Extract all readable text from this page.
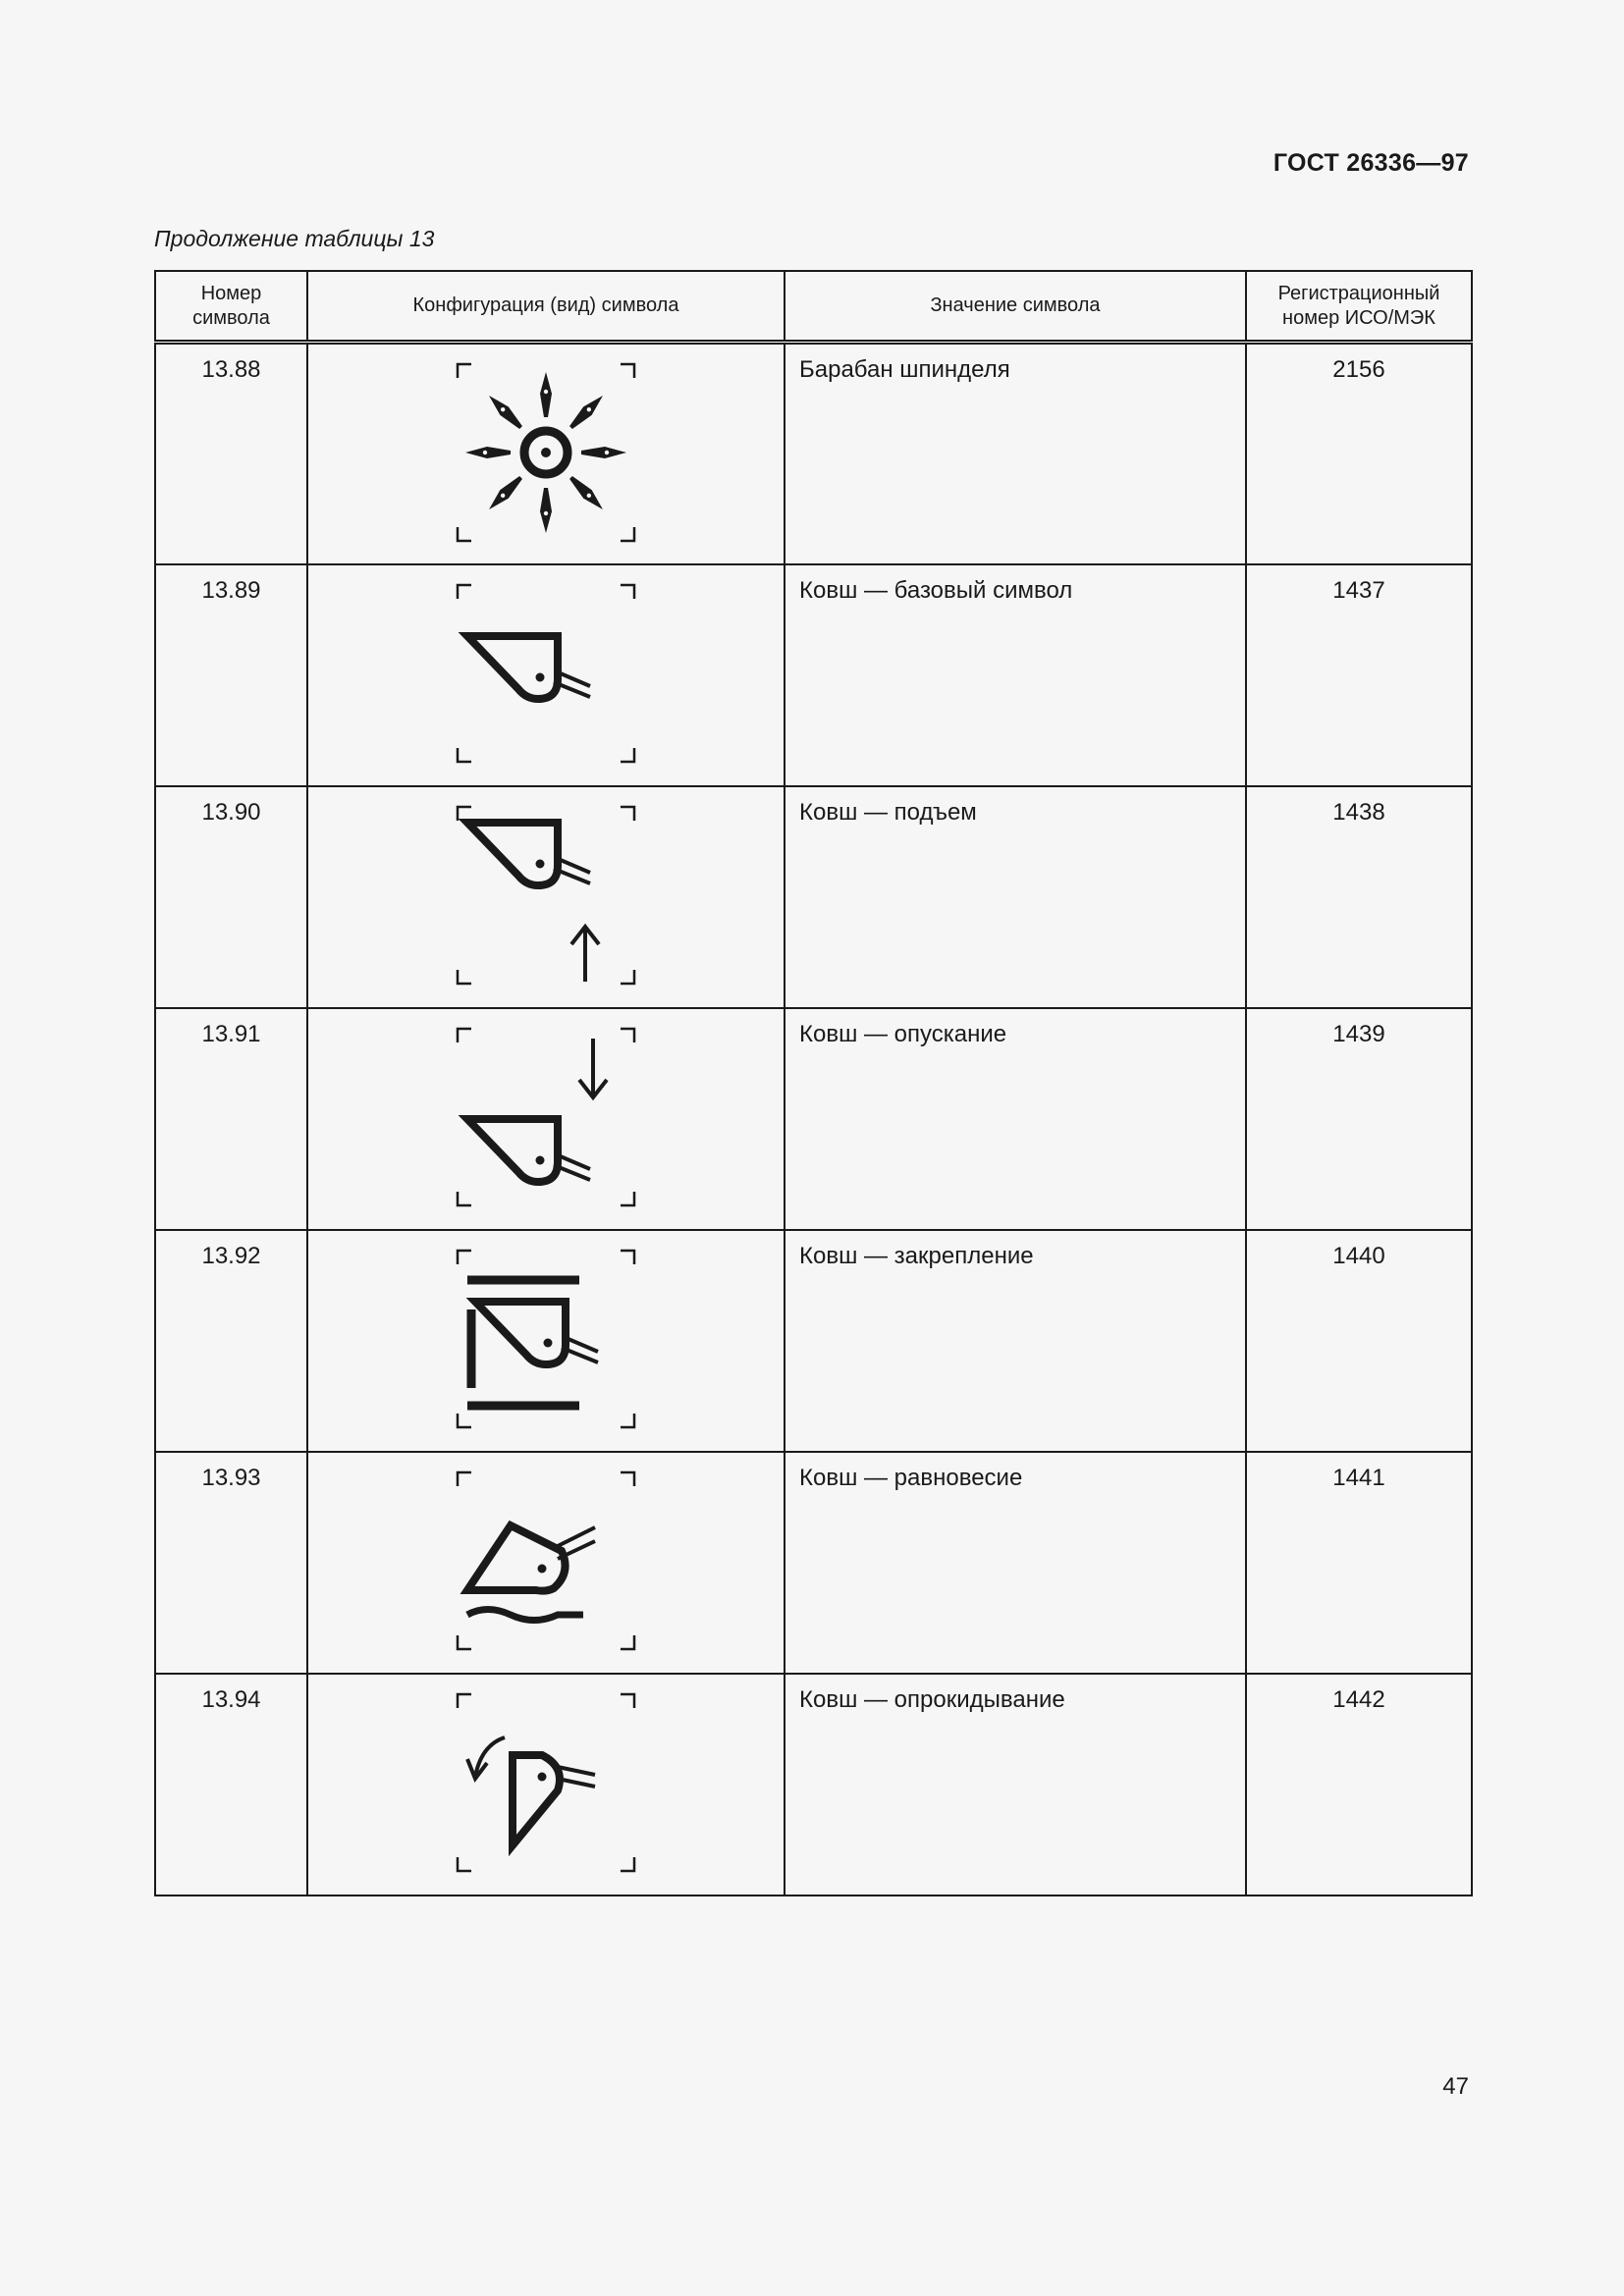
ГОСТ 26336—97
Продолжение таблицы 13
Номер символа	Конфигурация (вид) символа	Значение символа	Регистрационный номер ИСО/МЭК
13.88		Барабан шпинделя	2156
13.89		Ковш — базовый символ	1437
13.90		Ковш — подъем	1438
13.91		Ковш — опускание	1439
13.92		Ковш — закрепление	1440
13.93		Ковш — равновесие	1441
13.94		Ковш — опрокидывание	1442
47
